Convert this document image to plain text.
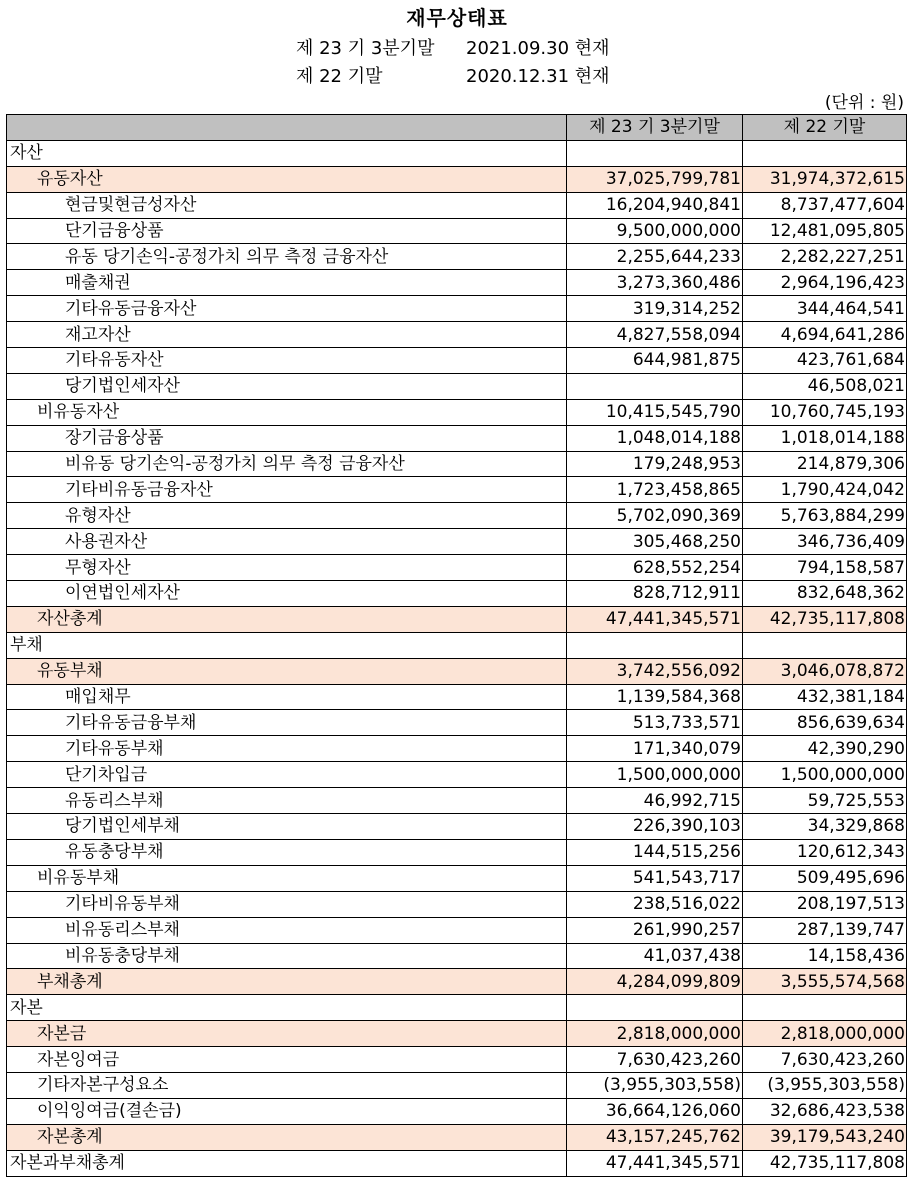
재무상태표
제 23 기 3분기말 2021.09.30 현재
제 22 기말	2020.12.31 현재
(단위 : 원)
	제 23 기 3분기말	제 22 기말
자산		
유동자산	37,025,799,781	31,974,372,615
현금및현금성자산	16,204,940,841	8,737,477,604
단기금융상품	9,500,000,000	12,481,095,805
유동 당기손익-공정가치 의무 측정 금융자산	2,255,644,233	2,282,227,251
매출채권	3,273,360,486	2,964,196,423
기타유동금융자산	319,314,252	344,464,541
재고자산	4,827,558,094	4,694,641,286
기타유동자산	644,981,875	423,761,684
당기법인세자산		46,508,021
비유동자산	10,415,545,790	10,760,745,193
장기금융상품	1,048,014,188	1,018,014,188
비유동 당기손익-공정가치 의무 측정 금융자산	179,248,953	214,879,306
기타비유동금융자산	1,723,458,865	1,790,424,042
유형자산	5,702,090,369	5,763,884,299
사용권자산	305,468,250	346,736,409
무형자산	628,552,254	794,158,587
이연법인세자산	828,712,911	832,648,362
자산총계	47,441,345,571	42,735,117,808
부채		
유동부채	3,742,556,092	3,046,078,872
매입채무	1,139,584,368	432,381,184
기타유동금융부채	513,733,571	856,639,634
기타유동부채	171,340,079	42,390,290
단기차입금	1,500,000,000	1,500,000,000
유동리스부채	46,992,715	59,725,553
당기법인세부채	226,390,103	34,329,868
유동충당부채	144,515,256	120,612,343
비유동부채	541,543,717	509,495,696
기타비유동부채	238,516,022	208,197,513
비유동리스부채	261,990,257	287,139,747
비유동충당부채	41,037,438	14,158,436
부채총계	4,284,099,809	3,555,574,568
자본		
자본금	2,818,000,000	2,818,000,000
자본잉여금	7,630,423,260	7,630,423,260
기타자본구성요소	(3,955,303,558)	(3,955,303,558)
이익잉여금(결손금)	36,664,126,060	32,686,423,538
자본총계	43,157,245,762	39,179,543,240
자본과부채총계	47,441,345,571	42,735,117,808
